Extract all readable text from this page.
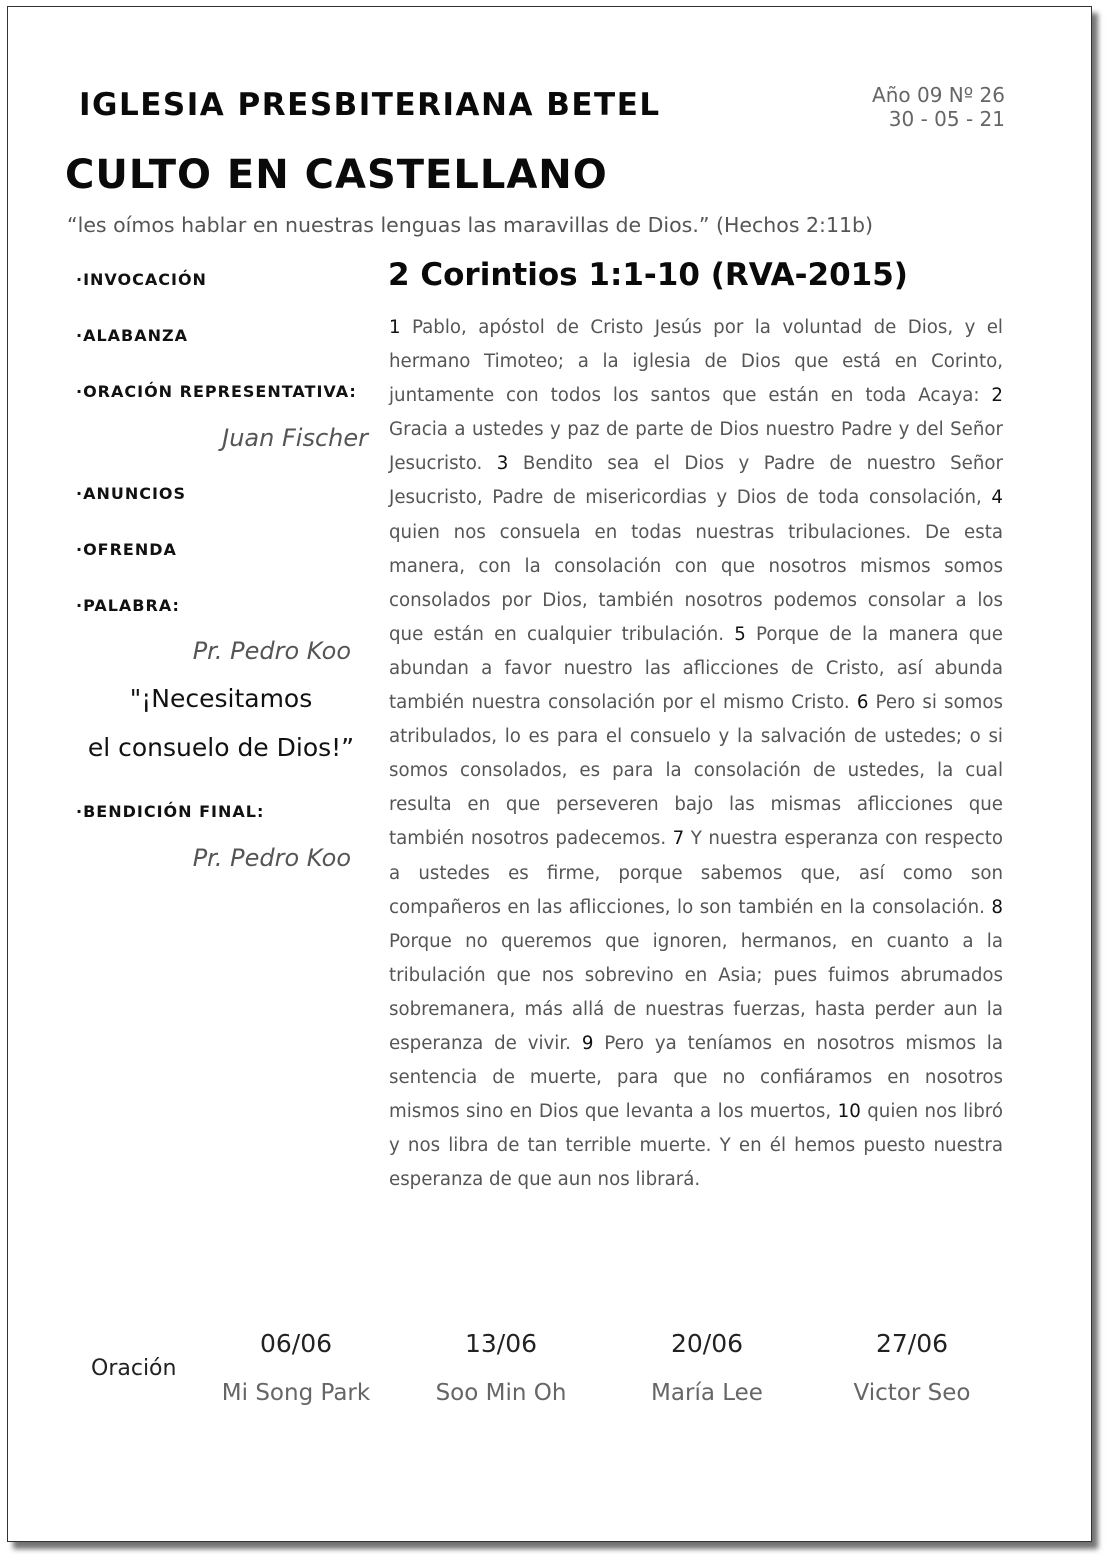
IGLESIA PRESBITERIANA BETEL	Año 09 Nº 26
30 - 05 - 21
CULTO EN CASTELLANO
“les oímos hablar en nuestras lenguas las maravillas de Dios.” (Hechos 2:11b)
·INVOCACIÓN
·ALABANZA
·ORACIÓN REPRESENTATIVA:
Juan Fischer
·ANUNCIOS
·OFRENDA
·PALABRA:
Pr. Pedro Koo
"¡Necesitamos
el consuelo de Dios!”
·BENDICIÓN FINAL:
Pr. Pedro Koo
2 Corintios 1:1-10 (RVA-2015)
1 Pablo, apóstol de Cristo Jesús por la voluntad de Dios, y el hermano Timoteo; a la iglesia de Dios que está en Corinto, juntamente con todos los santos que están en toda Acaya: 2 Gracia a ustedes y paz de parte de Dios nuestro Padre y del Señor Jesucristo. 3 Bendito sea el Dios y Padre de nuestro Señor Jesucristo, Padre de misericordias y Dios de toda consolación, 4 quien nos consuela en todas nuestras tribulaciones. De esta manera, con la consolación con que nosotros mismos somos consolados por Dios, también nosotros podemos consolar a los que están en cualquier tribulación. 5 Porque de la manera que abundan a favor nuestro las aflicciones de Cristo, así abunda también nuestra consolación por el mismo Cristo. 6 Pero si somos atribulados, lo es para el consuelo y la salvación de ustedes; o si somos consolados, es para la consolación de ustedes, la cual resulta en que perseveren bajo las mismas aflicciones que también nosotros padecemos. 7 Y nuestra esperanza con respecto a ustedes es firme, porque sabemos que, así como son compañeros en las aflicciones, lo son también en la consolación. 8 Porque no queremos que ignoren, hermanos, en cuanto a la tribulación que nos sobrevino en Asia; pues fuimos abrumados sobremanera, más allá de nuestras fuerzas, hasta perder aun la esperanza de vivir. 9 Pero ya teníamos en nosotros mismos la sentencia de muerte, para que no confiáramos en nosotros mismos sino en Dios que levanta a los muertos, 10 quien nos libró y nos libra de tan terrible muerte. Y en él hemos puesto nuestra esperanza de que aun nos librará.
Oración
06/06
Mi Song Park
13/06
Soo Min Oh
20/06
María Lee
27/06
Victor Seo
